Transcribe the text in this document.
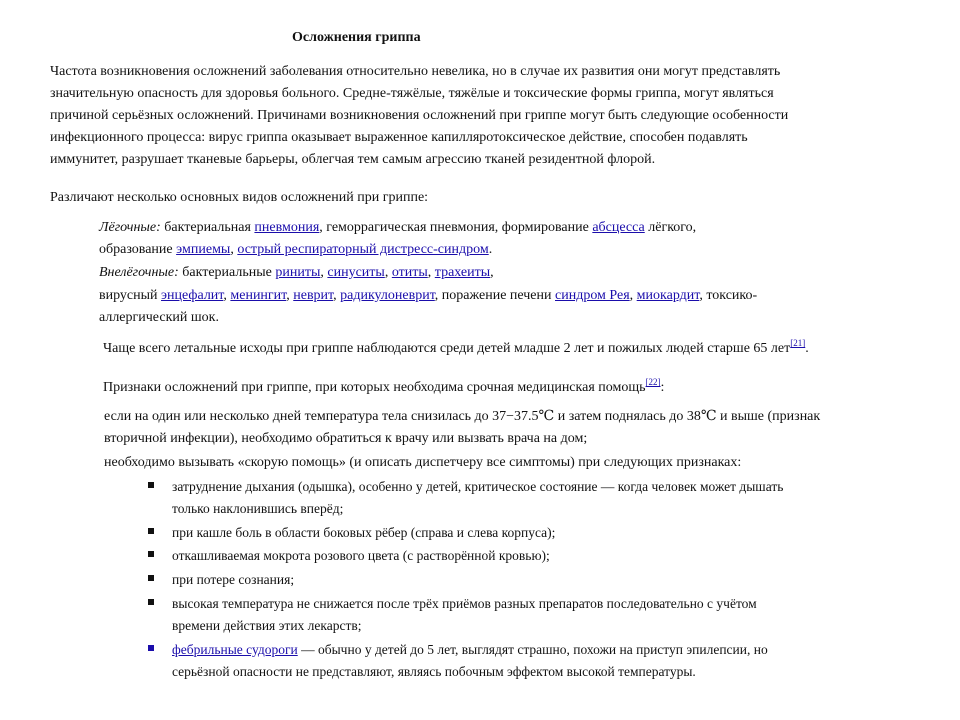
Осложнения гриппа
Частота возникновения осложнений заболевания относительно невелика, но в случае их развития они могут представлять
значительную опасность для здоровья больного. Средне-тяжёлые, тяжёлые и токсические формы гриппа, могут являться
причиной серьёзных осложнений. Причинами возникновения осложнений при гриппе могут быть следующие особенности
инфекционного процесса: вирус гриппа оказывает выраженное капилляротоксическое действие, способен подавлять
иммунитет, разрушает тканевые барьеры, облегчая тем самым агрессию тканей резидентной флорой.
Различают несколько основных видов осложнений при гриппе:
Лёгочные: бактериальная пневмония, геморрагическая пневмония, формирование абсцесса лёгкого,
образование эмпиемы, острый респираторный дистресс-синдром.
Внелёгочные: бактериальные риниты, синуситы, отиты, трахеиты,
вирусный энцефалит, менингит, неврит, радикулоневрит, поражение печени синдром Рея, миокардит, токсико-
аллергический шок.
Чаще всего летальные исходы при гриппе наблюдаются среди детей младше 2 лет и пожилых людей старше 65 лет[21].
Признаки осложнений при гриппе, при которых необходима срочная медицинская помощь[22]:
если на один или несколько дней температура тела снизилась до 37−37.5℃ и затем поднялась до 38℃ и выше (признак
вторичной инфекции), необходимо обратиться к врачу или вызвать врача на дом;
необходимо вызывать «скорую помощь» (и описать диспетчеру все симптомы) при следующих признаках:
затруднение дыхания (одышка), особенно у детей, критическое состояние — когда человек может дышать
только наклонившись вперёд;
при кашле боль в области боковых рёбер (справа и слева корпуса);
откашливаемая мокрота розового цвета (с растворённой кровью);
при потере сознания;
высокая температура не снижается после трёх приёмов разных препаратов последовательно с учётом
времени действия этих лекарств;
фебрильные судороги — обычно у детей до 5 лет, выглядят страшно, похожи на приступ эпилепсии, но
серьёзной опасности не представляют, являясь побочным эффектом высокой температуры.
